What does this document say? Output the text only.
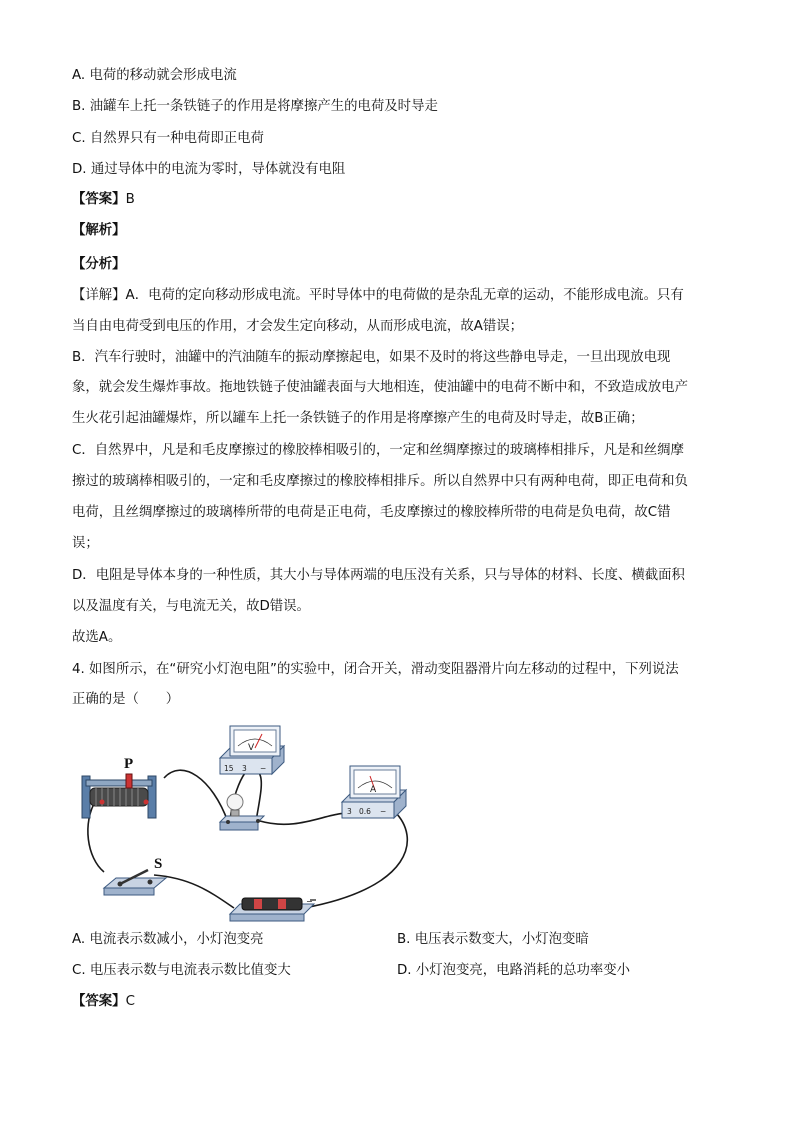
A. 电荷的移动就会形成电流
B. 油罐车上托一条铁链子的作用是将摩擦产生的电荷及时导走
C. 自然界只有一种电荷即正电荷
D. 通过导体中的电流为零时，导体就没有电阻
【答案】B
【解析】
【分析】
【详解】A．电荷的定向移动形成电流。平时导体中的电荷做的是杂乱无章的运动，不能形成电流。只有
当自由电荷受到电压的作用，才会发生定向移动，从而形成电流，故A错误；
B．汽车行驶时，油罐中的汽油随车的振动摩擦起电，如果不及时的将这些静电导走，一旦出现放电现
象，就会发生爆炸事故。拖地铁链子使油罐表面与大地相连，使油罐中的电荷不断中和，不致造成放电产
生火花引起油罐爆炸，所以罐车上托一条铁链子的作用是将摩擦产生的电荷及时导走，故B正确；
C．自然界中，凡是和毛皮摩擦过的橡胶棒相吸引的，一定和丝绸摩擦过的玻璃棒相排斥，凡是和丝绸摩
擦过的玻璃棒相吸引的，一定和毛皮摩擦过的橡胶棒相排斥。所以自然界中只有两种电荷，即正电荷和负
电荷，且丝绸摩擦过的玻璃棒所带的电荷是正电荷，毛皮摩擦过的橡胶棒所带的电荷是负电荷，故C错
误；
D．电阻是导体本身的一种性质，其大小与导体两端的电压没有关系，只与导体的材料、长度、横截面积
以及温度有关，与电流无关，故D错误。
故选A。
4. 如图所示，在“研究小灯泡电阻”的实验中，闭合开关，滑动变阻器滑片向左移动的过程中，下列说法
正确的是（　　）
P
V
15 3 −
A
3 0.6 −
S
−
A. 电流表示数减小，小灯泡变亮	B. 电压表示数变大，小灯泡变暗
C. 电压表示数与电流表示数比值变大	D. 小灯泡变亮，电路消耗的总功率变小
【答案】C
